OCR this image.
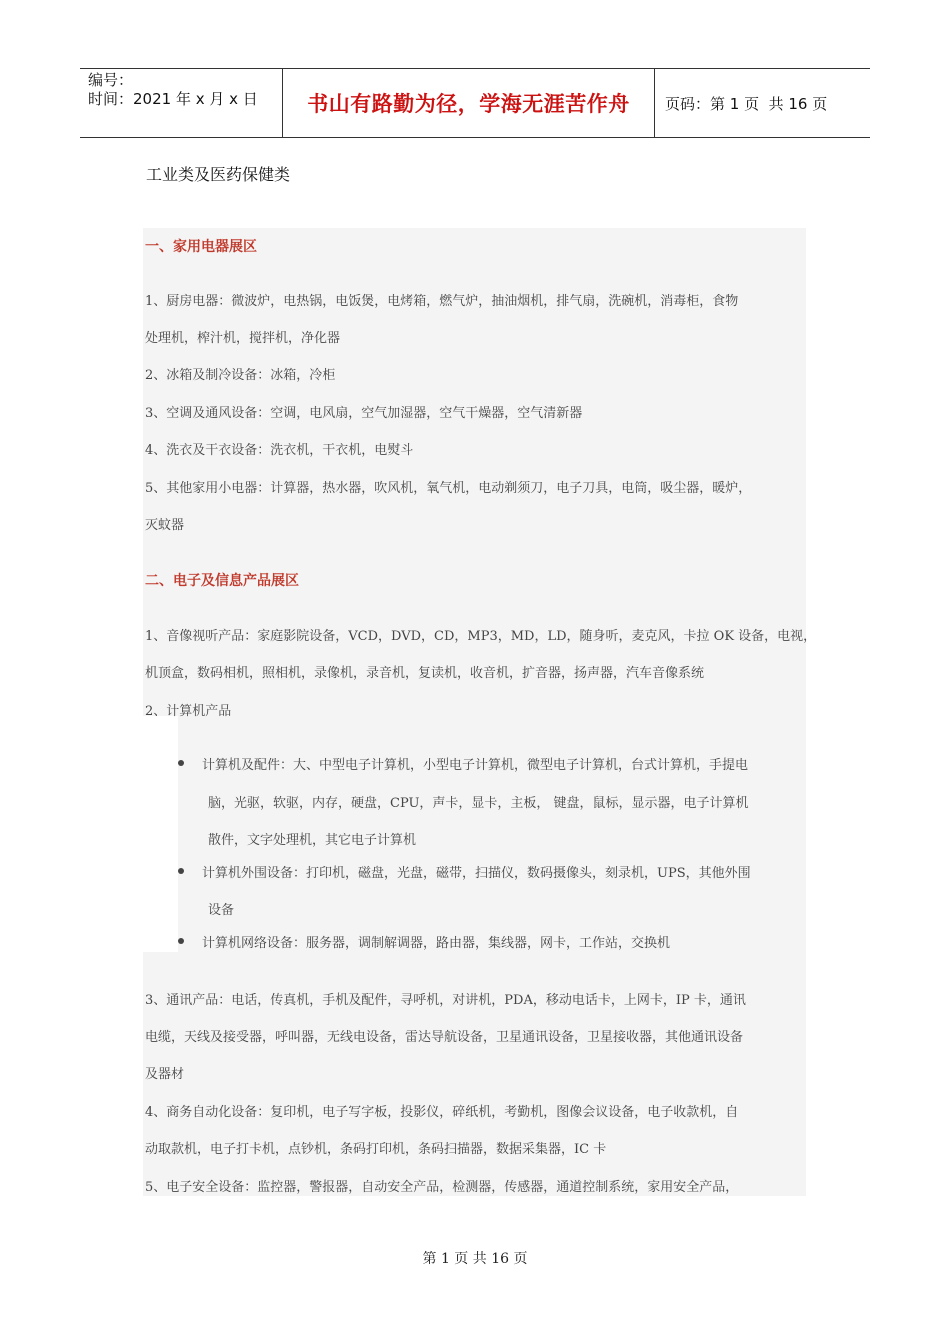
编号：
时间：2021 年 x 月 x 日	书山有路勤为径，学海无涯苦作舟 页码：第 1 页  共 16 页
工业类及医药保健类
一、家用电器展区
1、厨房电器：微波炉，电热锅，电饭煲，电烤箱，燃气炉，抽油烟机，排气扇，洗碗机，消毒柜，食物
处理机，榨汁机，搅拌机，净化器
2、冰箱及制冷设备：冰箱，冷柜
3、空调及通风设备：空调，电风扇，空气加湿器，空气干燥器，空气清新器
4、洗衣及干衣设备：洗衣机，干衣机，电熨斗
5、其他家用小电器：计算器，热水器，吹风机，氧气机，电动剃须刀，电子刀具，电筒，吸尘器，暖炉，
灭蚊器
二、电子及信息产品展区
1、音像视听产品：家庭影院设备，VCD，DVD，CD，MP3，MD，LD，随身听，麦克风，卡拉 OK 设备，电视，
机顶盒，数码相机，照相机，录像机，录音机，复读机，收音机，扩音器，扬声器，汽车音像系统
2、计算机产品
计算机及配件：大、中型电子计算机，小型电子计算机，微型电子计算机，台式计算机，手提电
脑，光驱，软驱，内存，硬盘，CPU，声卡，显卡，主板， 键盘，鼠标，显示器，电子计算机
散件，文字处理机，其它电子计算机
计算机外围设备：打印机，磁盘，光盘，磁带，扫描仪，数码摄像头，刻录机，UPS，其他外围
设备
计算机网络设备：服务器，调制解调器，路由器，集线器，网卡，工作站，交换机
3、通讯产品：电话，传真机，手机及配件，寻呼机，对讲机，PDA，移动电话卡，上网卡，IP 卡，通讯
电缆，天线及接受器，呼叫器，无线电设备，雷达导航设备，卫星通讯设备，卫星接收器，其他通讯设备
及器材
4、商务自动化设备：复印机，电子写字板，投影仪，碎纸机，考勤机，图像会议设备，电子收款机，自
动取款机，电子打卡机，点钞机，条码打印机，条码扫描器，数据采集器，IC 卡
5、电子安全设备：监控器，警报器，自动安全产品，检测器，传感器，通道控制系统，家用安全产品，
第 1 页 共 16 页
